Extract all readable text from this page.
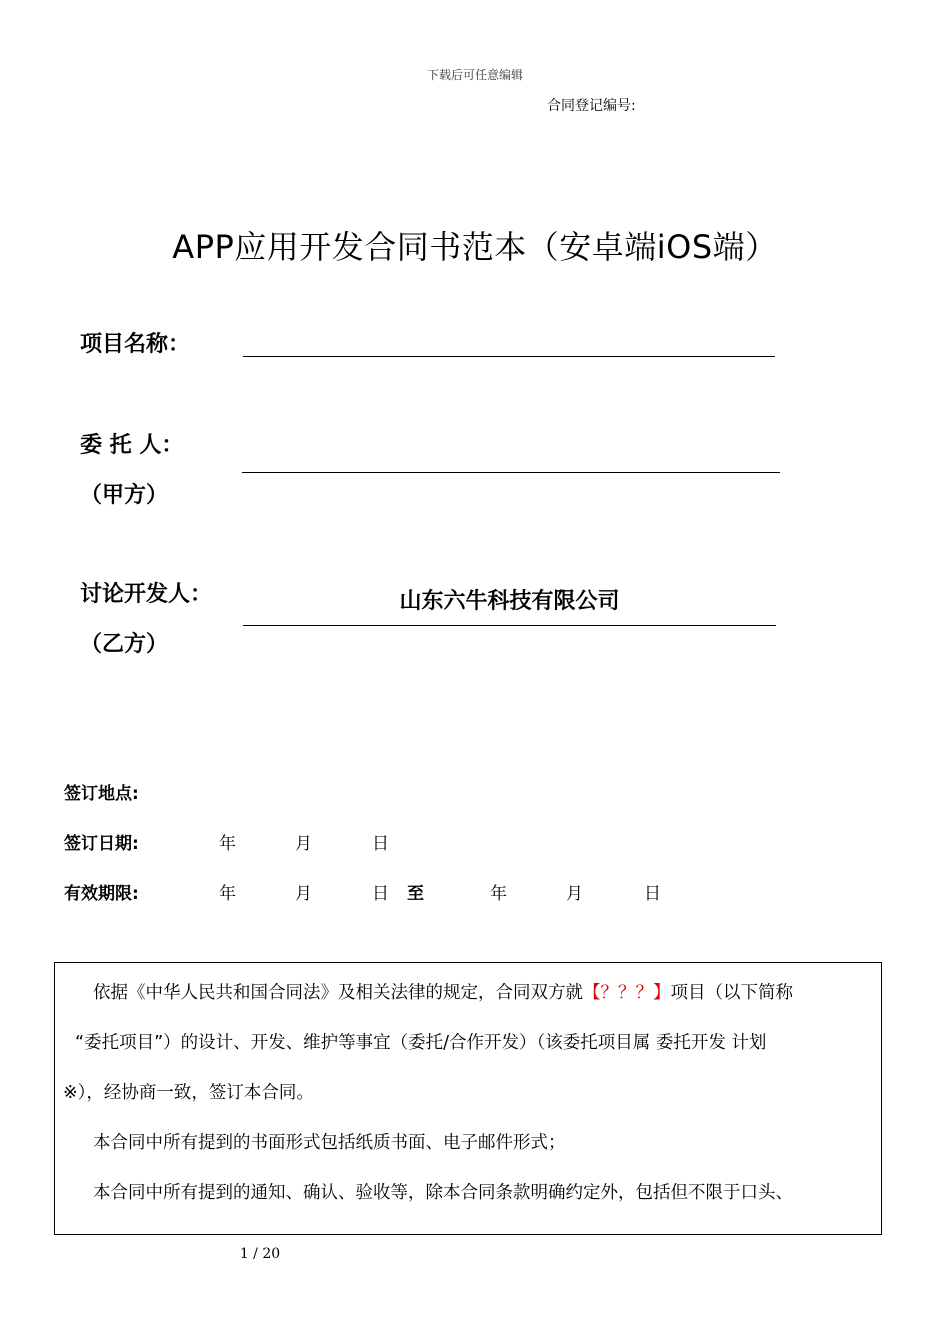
下载后可任意编辑
合同登记编号:
APP应用开发合同书范本（安卓端iOS端）
项目名称：
委 托 人：
（甲方）
讨论开发人：
（乙方）
山东六牛科技有限公司
签订地点:
签订日期:	年	月	日
有效期限:	年	月	日 至	年	月	日
依据《中华人民共和国合同法》及相关法律的规定，合同双方就【？？？】项目（以下简称
“委托项目”）的设计、开发、维护等事宜（委托/合作开发）（该委托项目属 委托开发 计划
※），经协商一致，签订本合同。
本合同中所有提到的书面形式包括纸质书面、电子邮件形式；
本合同中所有提到的通知、确认、验收等，除本合同条款明确约定外，包括但不限于口头、
1 / 20
